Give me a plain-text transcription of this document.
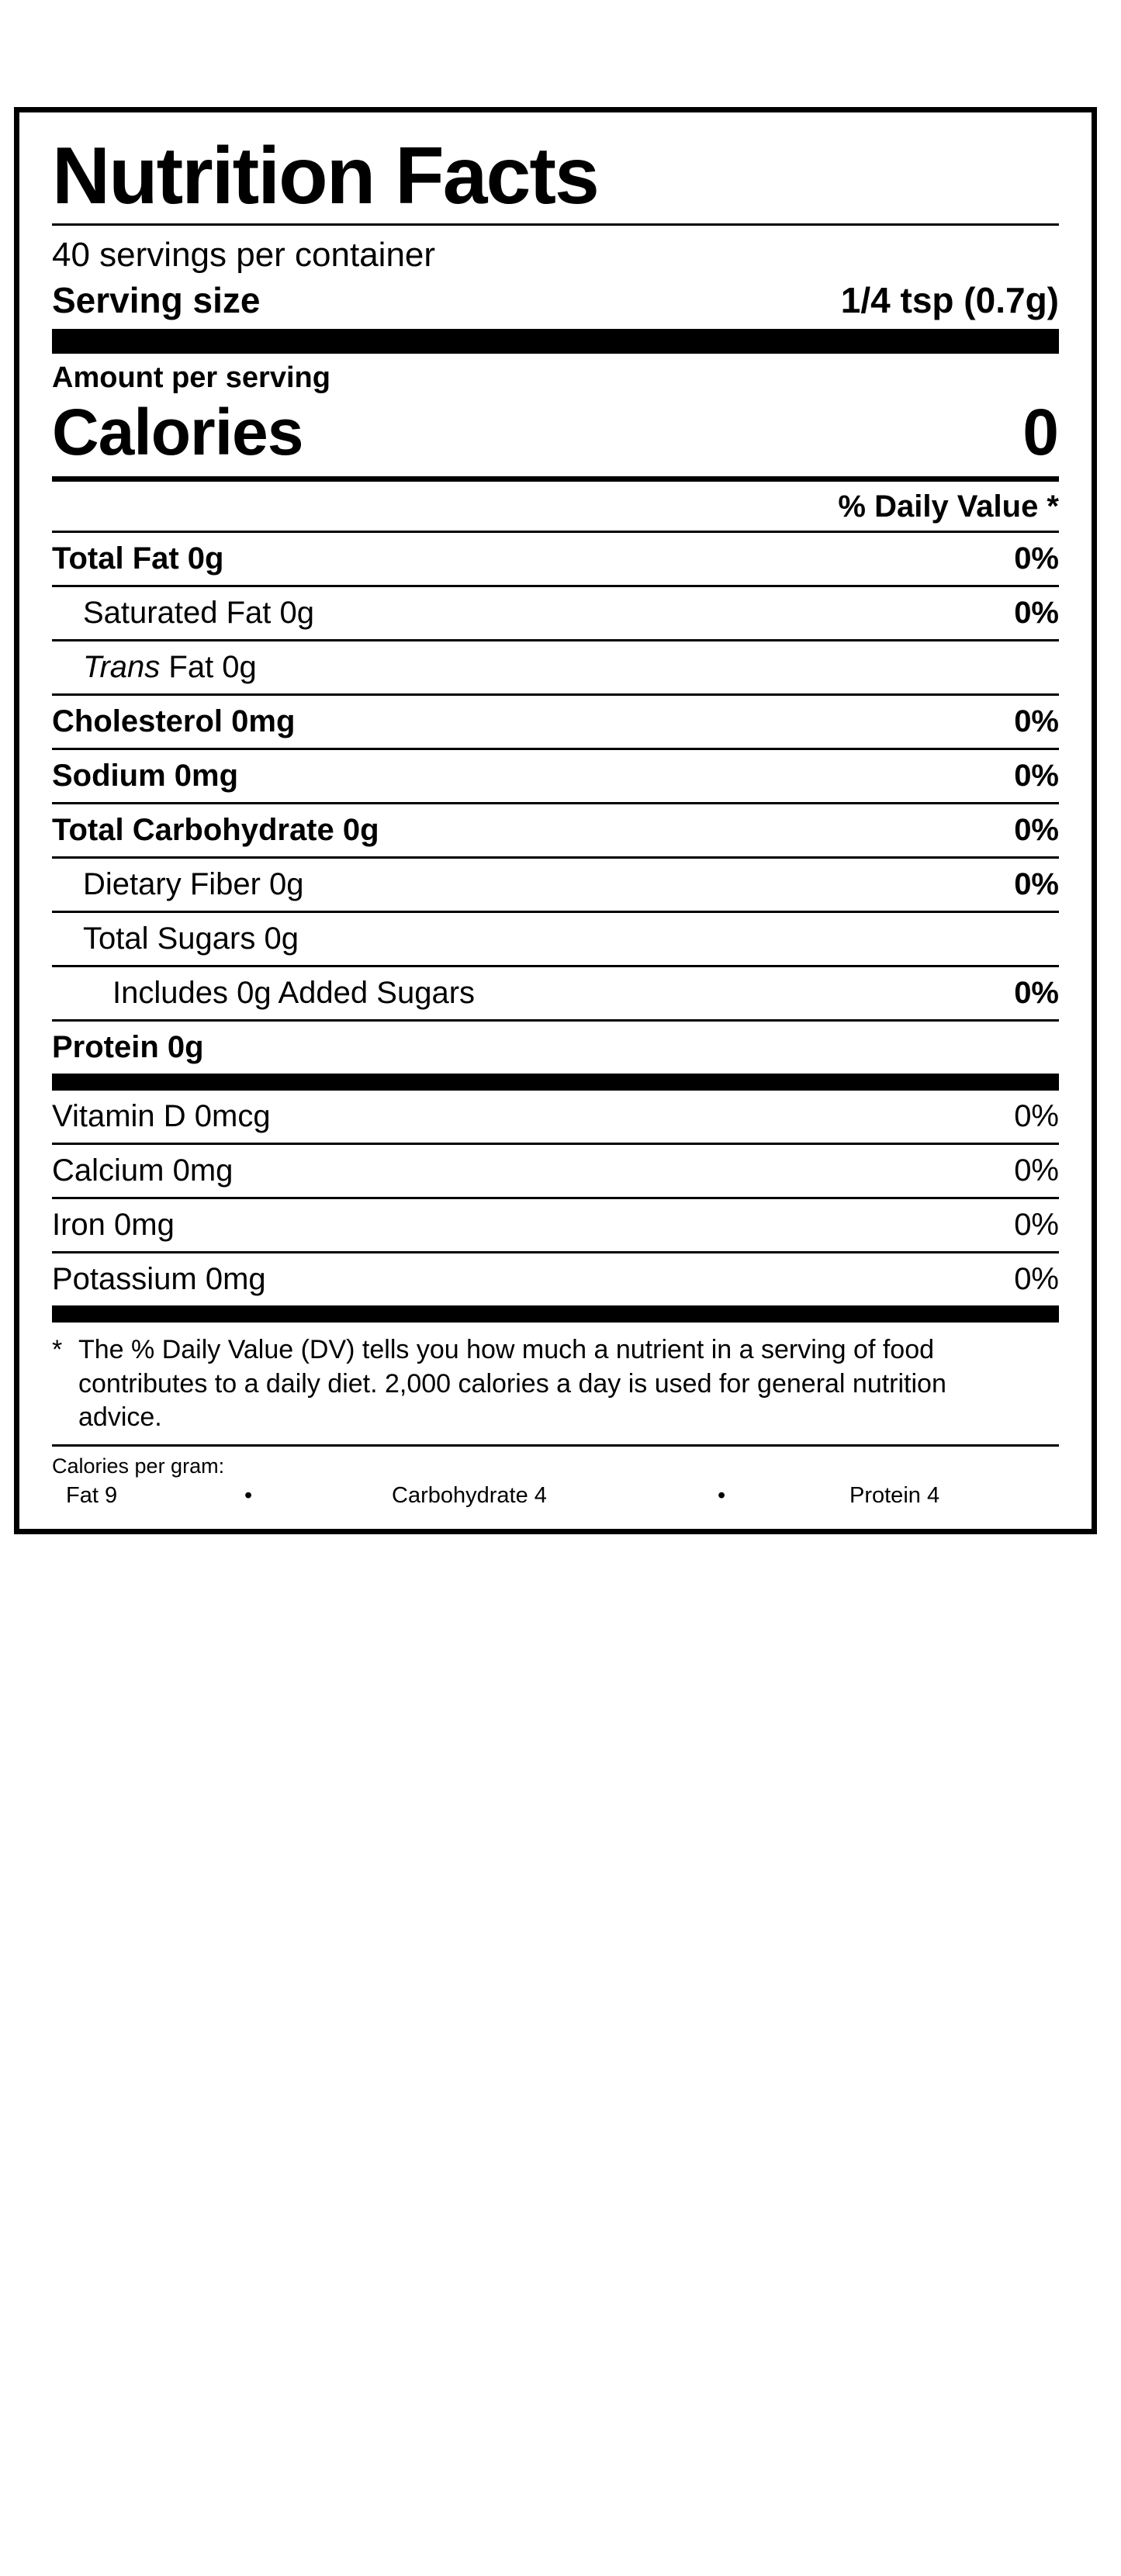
Nutrition Facts
40 servings per container
Serving size	1/4 tsp (0.7g)
Amount per serving
Calories	0
% Daily Value *
Total Fat 0g	0%
Saturated Fat 0g	0%
Trans Fat 0g
Cholesterol 0mg	0%
Sodium 0mg	0%
Total Carbohydrate 0g	0%
Dietary Fiber 0g	0%
Total Sugars 0g
Includes 0g Added Sugars	0%
Protein 0g
Vitamin D 0mcg	0%
Calcium 0mg	0%
Iron 0mg	0%
Potassium 0mg	0%
* The % Daily Value (DV) tells you how much a nutrient in a serving of food contributes to a daily diet. 2,000 calories a day is used for general nutrition advice.
Calories per gram:
Fat 9	•	Carbohydrate 4	•	Protein 4
